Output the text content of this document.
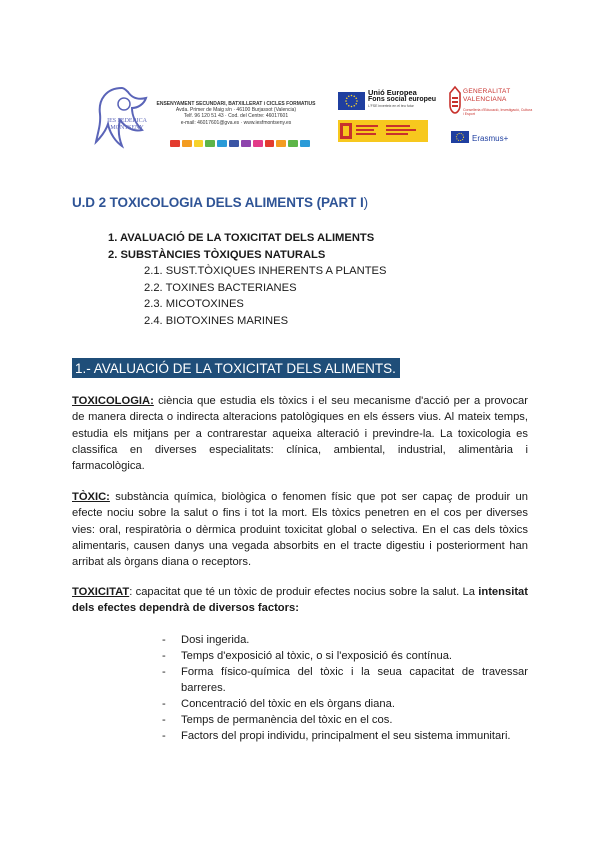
IES FEDERICA MONTSENY
ENSENYAMENT SECUNDARI, BATXILLERAT i CICLES FORMATIUS
Avda. Primer de Maig s/n · 46100 Burjassot (Valencia)
Telf. 96 120 51 43 · Cod. del Centre: 46017601
e-mail: 46017601@gva.es · www.iesfmontseny.es
Unió Europea
Fons social europeu
L'FSE inverteix en el teu futur
GENERALITAT
VALENCIANA
Conselleria d'Educació, Investigació, Cultura i Esport
Erasmus+
U.D 2 TOXICOLOGIA DELS ALIMENTS (PART I)
1. AVALUACIÓ DE LA TOXICITAT DELS ALIMENTS
2. SUBSTÀNCIES TÒXIQUES NATURALS
2.1. SUST.TÒXIQUES INHERENTS A PLANTES
2.2. TOXINES BACTERIANES
2.3. MICOTOXINES
2.4. BIOTOXINES MARINES
1.- AVALUACIÓ DE LA TOXICITAT DELS ALIMENTS.

TOXICOLOGIA: ciència que estudia els tòxics i el seu mecanisme d'acció per a provocar de manera directa o indirecta alteracions patològiques en els éssers vius. Al mateix temps, estudia els mitjans per a contrarestar aqueixa alteració i previndre-la. La toxicologia es classifica en diverses especialitats: clínica, ambiental, industrial, alimentària i farmacològica.

TÒXIC: substància química, biològica o fenomen físic que pot ser capaç de produir un efecte nociu sobre la salut o fins i tot la mort. Els tòxics penetren en el cos per diverses vies: oral, respiratòria o dèrmica produint toxicitat global o selectiva. En el cas dels tòxics alimentaris, causen danys una vegada absorbits en el tracte digestiu i posteriorment han arribat als òrgans diana o receptors.

TOXICITAT: capacitat que té un tòxic de produir efectes nocius sobre la salut. La intensitat dels efectes dependrà de diversos factors:

- Dosi ingerida.
- Temps d'exposició al tòxic, o si l'exposició és contínua.
- Forma físico-química del tòxic i la seua capacitat de travessar barreres.
- Concentració del tòxic en els òrgans diana.
- Temps de permanència del tòxic en el cos.
- Factors del propi individu, principalment el seu sistema immunitari.
